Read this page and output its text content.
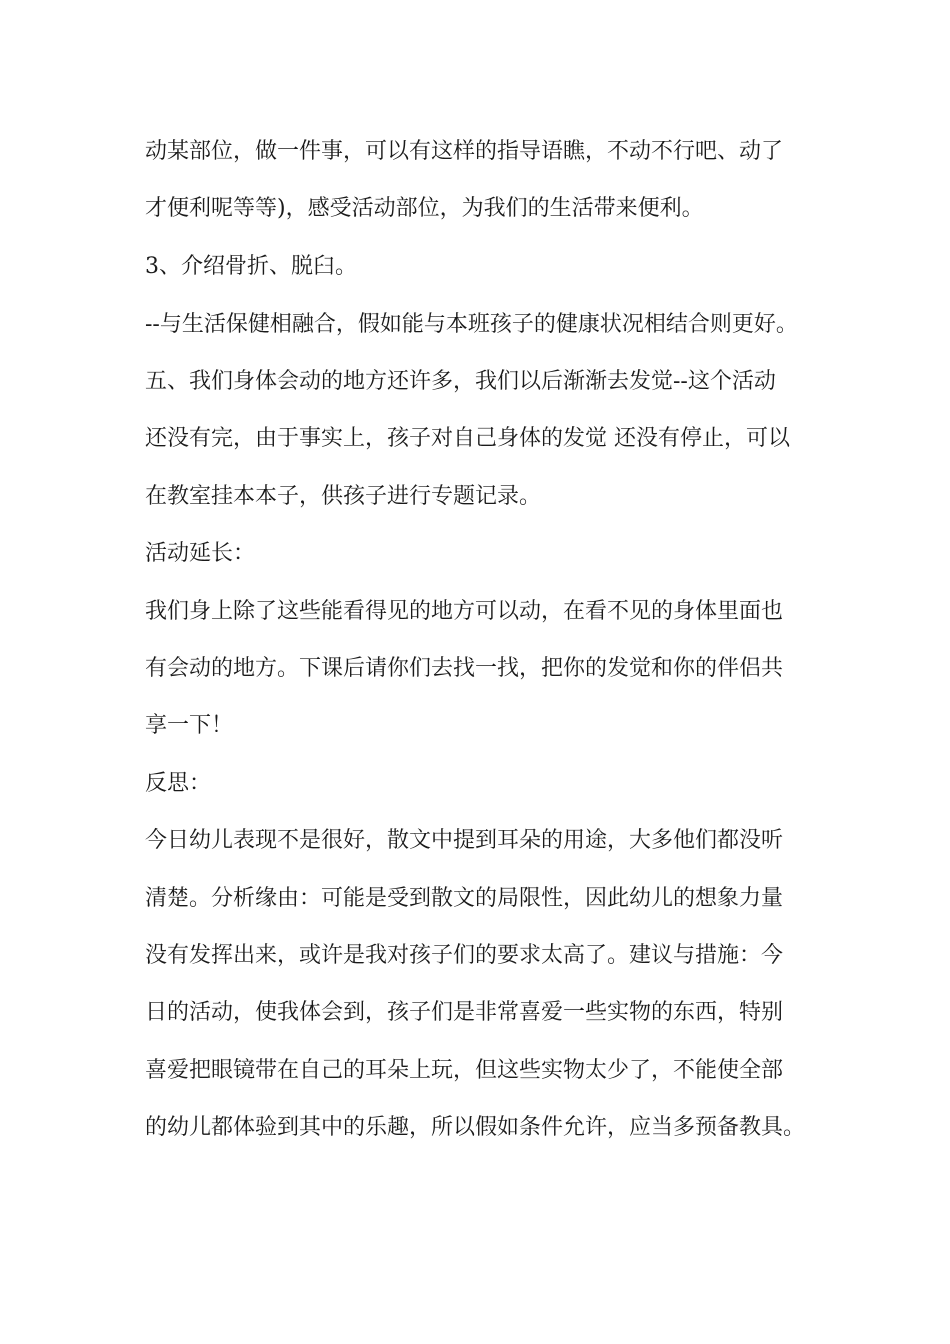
动某部位，做一件事，可以有这样的指导语瞧，不动不行吧、动了
才便利呢等等)，感受活动部位，为我们的生活带来便利。
3、介绍骨折、脱臼。
--与生活保健相融合，假如能与本班孩子的健康状况相结合则更好。
五、我们身体会动的地方还许多，我们以后渐渐去发觉--这个活动
还没有完，由于事实上，孩子对自己身体的发觉 还没有停止，可以
在教室挂本本子，供孩子进行专题记录。
活动延长：
我们身上除了这些能看得见的地方可以动，在看不见的身体里面也
有会动的地方。下课后请你们去找一找，把你的发觉和你的伴侣共
享一下！
反思：
今日幼儿表现不是很好，散文中提到耳朵的用途，大多他们都没听
清楚。分析缘由：可能是受到散文的局限性，因此幼儿的想象力量
没有发挥出来，或许是我对孩子们的要求太高了。建议与措施：今
日的活动，使我体会到，孩子们是非常喜爱一些实物的东西，特别
喜爱把眼镜带在自己的耳朵上玩，但这些实物太少了，不能使全部
的幼儿都体验到其中的乐趣，所以假如条件允许，应当多预备教具。
